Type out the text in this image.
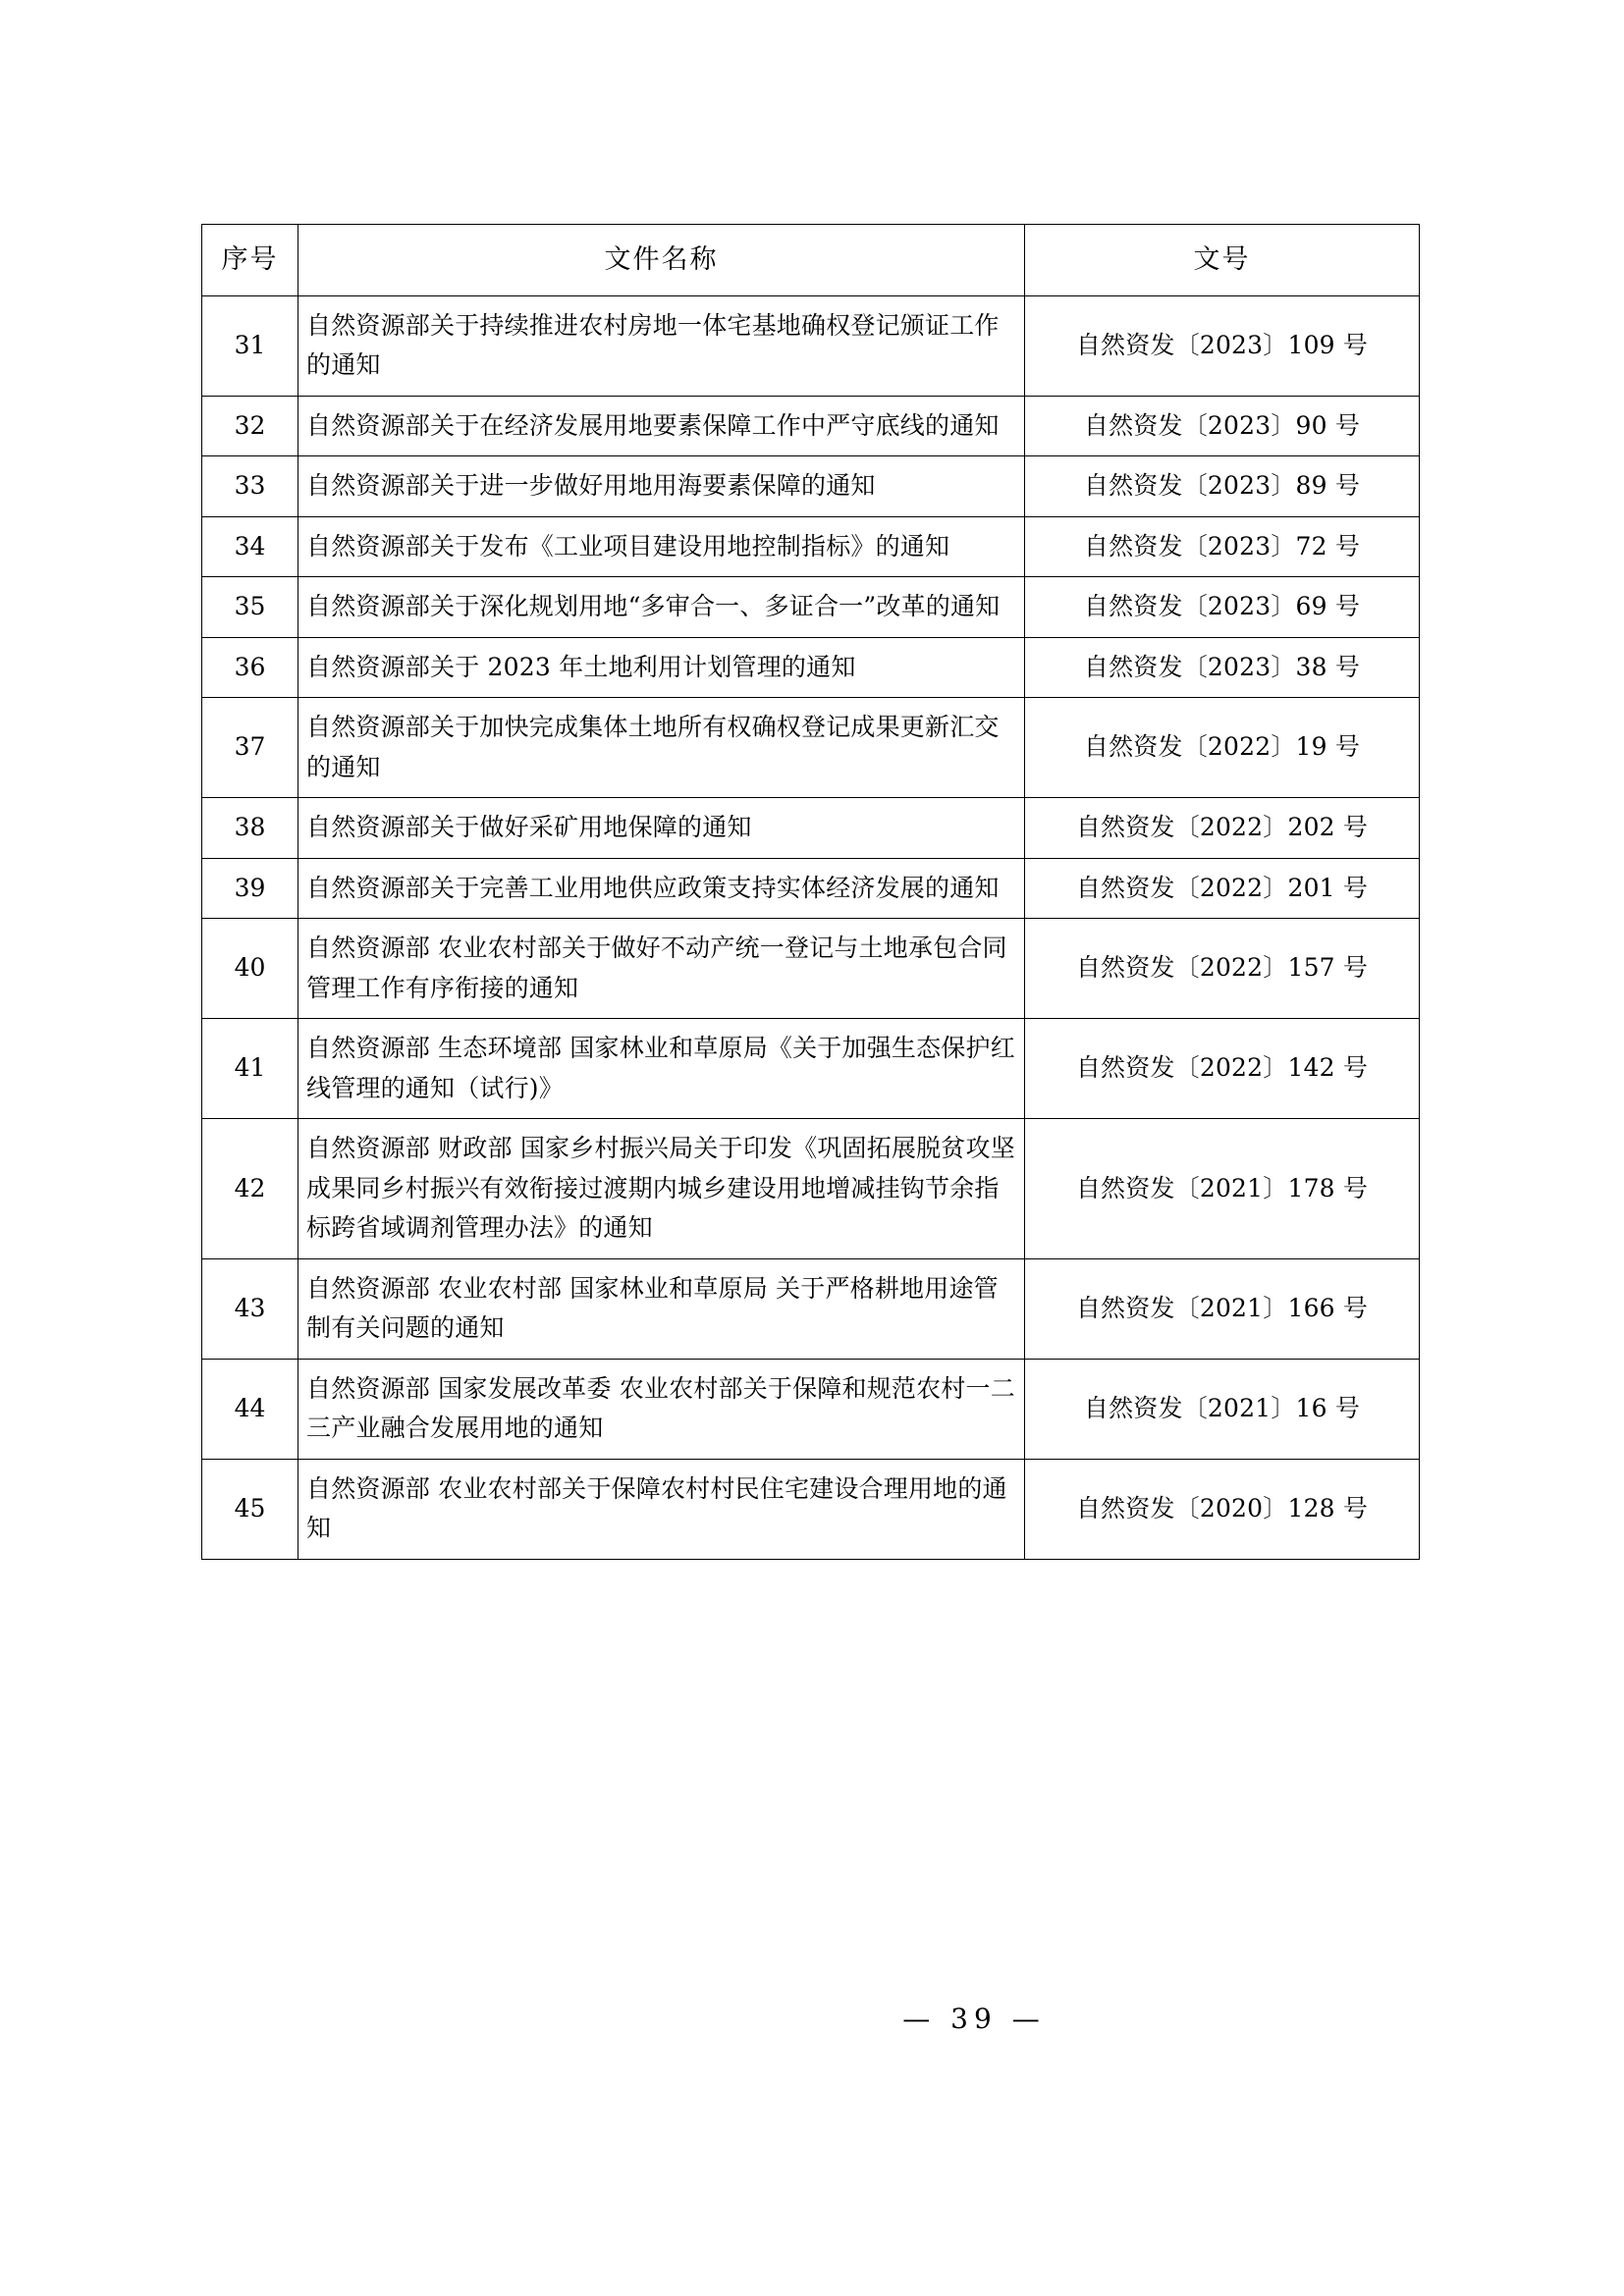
序号	文件名称	文号
31	自然资源部关于持续推进农村房地一体宅基地确权登记颁证工作的通知	自然资发〔2023〕109 号
32	自然资源部关于在经济发展用地要素保障工作中严守底线的通知	自然资发〔2023〕90 号
33	自然资源部关于进一步做好用地用海要素保障的通知	自然资发〔2023〕89 号
34	自然资源部关于发布《工业项目建设用地控制指标》的通知	自然资发〔2023〕72 号
35	自然资源部关于深化规划用地“多审合一、多证合一”改革的通知	自然资发〔2023〕69 号
36	自然资源部关于 2023 年土地利用计划管理的通知	自然资发〔2023〕38 号
37	自然资源部关于加快完成集体土地所有权确权登记成果更新汇交的通知	自然资发〔2022〕19 号
38	自然资源部关于做好采矿用地保障的通知	自然资发〔2022〕202 号
39	自然资源部关于完善工业用地供应政策支持实体经济发展的通知	自然资发〔2022〕201 号
40	自然资源部 农业农村部关于做好不动产统一登记与土地承包合同管理工作有序衔接的通知	自然资发〔2022〕157 号
41	自然资源部 生态环境部 国家林业和草原局《关于加强生态保护红线管理的通知（试行)》	自然资发〔2022〕142 号
42	自然资源部 财政部 国家乡村振兴局关于印发《巩固拓展脱贫攻坚成果同乡村振兴有效衔接过渡期内城乡建设用地增减挂钩节余指标跨省域调剂管理办法》的通知	自然资发〔2021〕178 号
43	自然资源部 农业农村部 国家林业和草原局 关于严格耕地用途管制有关问题的通知	自然资发〔2021〕166 号
44	自然资源部 国家发展改革委 农业农村部关于保障和规范农村一二三产业融合发展用地的通知	自然资发〔2021〕16 号
45	自然资源部 农业农村部关于保障农村村民住宅建设合理用地的通知	自然资发〔2020〕128 号
— 39 —
